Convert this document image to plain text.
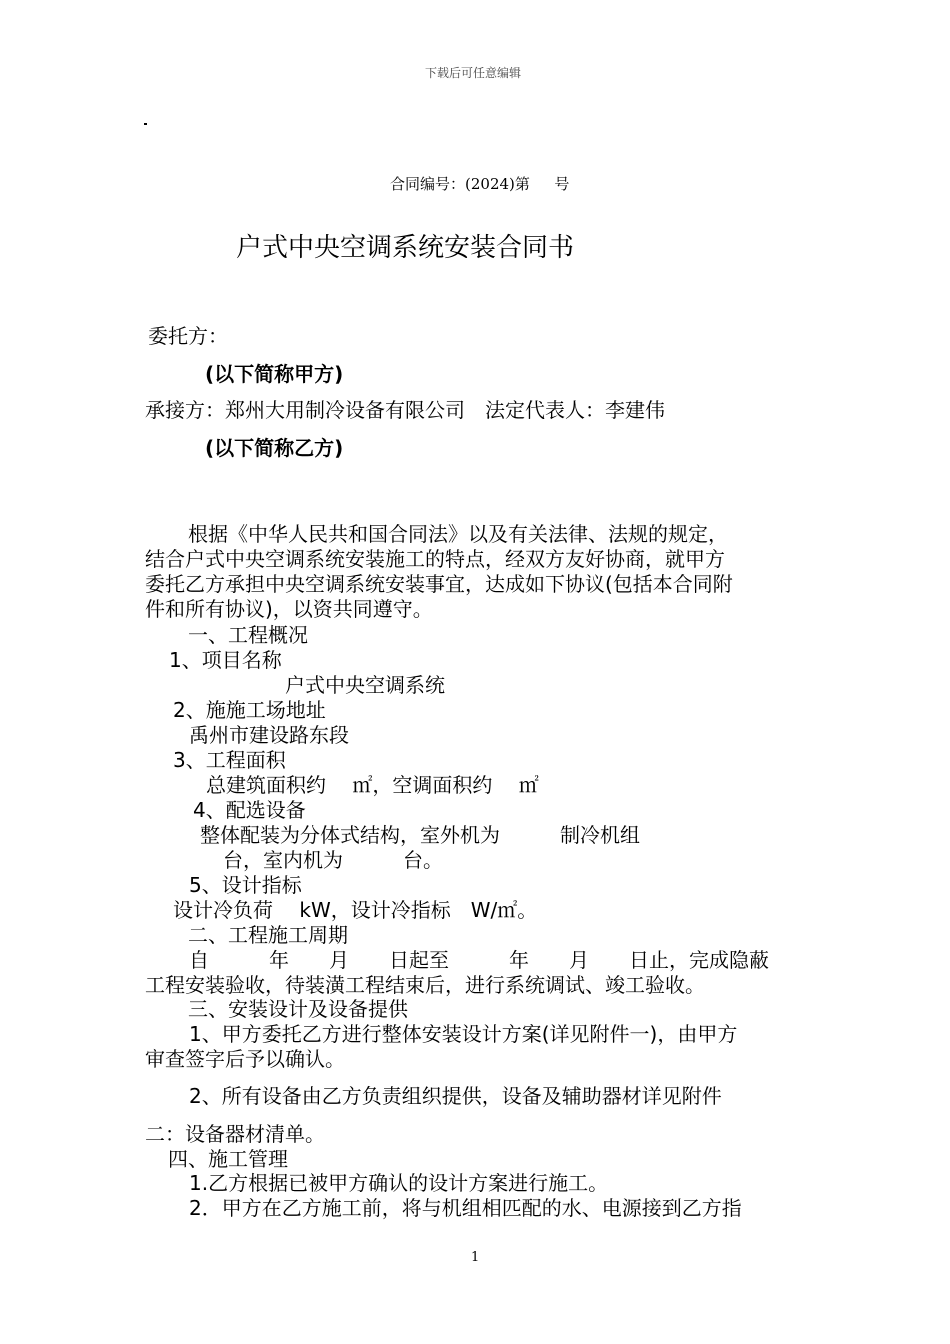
下载后可任意编辑
合同编号：(2024)第　  号
户式中央空调系统安装合同书
委托方：
(以下简称甲方)
承接方：郑州大用制冷设备有限公司　法定代表人：李建伟
(以下简称乙方)
根据《中华人民共和国合同法》以及有关法律、法规的规定，
结合户式中央空调系统安装施工的特点，经双方友好协商，就甲方
委托乙方承担中央空调系统安装事宜，达成如下协议(包括本合同附
件和所有协议)，以资共同遵守。
一、工程概况
1、项目名称
户式中央空调系统
2、施施工场地址
禹州市建设路东段
3、工程面积
总建筑面积约　 ㎡，空调面积约　 ㎡
4、配选设备
整体配装为分体式结构，室外机为　　　制冷机组
台，室内机为　　　台。
5、设计指标
设计冷负荷　 kW，设计冷指标　W/㎡。
二、工程施工周期
自　　　年　　月　　日起至　　　年　　月　　日止，完成隐蔽
工程安装验收，待装潢工程结束后，进行系统调试、竣工验收。
三、安装设计及设备提供
1、甲方委托乙方进行整体安装设计方案(详见附件一)，由甲方
审查签字后予以确认。
2、所有设备由乙方负责组织提供，设备及辅助器材详见附件
二：设备器材清单。
四、施工管理
1.乙方根据已被甲方确认的设计方案进行施工。
2．甲方在乙方施工前，将与机组相匹配的水、电源接到乙方指
1
